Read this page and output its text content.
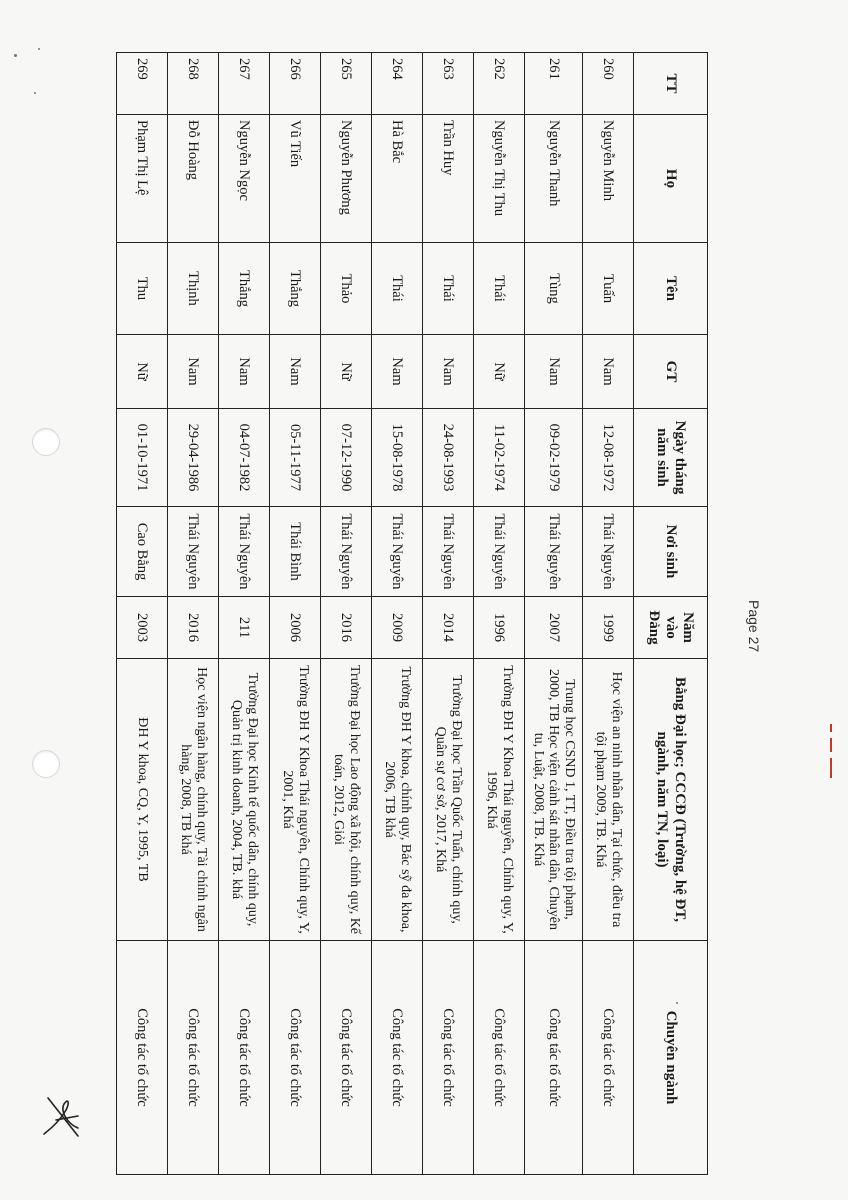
TT	Họ	Tên	GT	Ngày tháng năm sinh	Nơi sinh	Năm vào Đảng	Bằng Đại học; CCCĐ (Trường, hệ ĐT, ngành, năm TN, loại)	Chuyên ngành
260	Nguyễn Minh	Tuấn	Nam	12-08-1972	Thái Nguyên	1999	Học viện an ninh nhân dân, Tại chức, điều tra tội phạm 2009, TB. Khá	Công tác tổ chức
261	Nguyễn Thanh	Tùng	Nam	09-02-1979	Thái Nguyên	2007	Trung học CSND 1, TT, Điều tra tội phạm, 2000, TB Học viện cảnh sát nhân dân, Chuyên tu, Luật, 2008, TB. Khá	Công tác tổ chức
262	Nguyễn Thị Thu	Thái	Nữ	11-02-1974	Thái Nguyên	1996	Trường ĐH Y Khoa Thái nguyên, Chính quy, Y, 1996, Khá	Công tác tổ chức
263	Trần Huy	Thái	Nam	24-08-1993	Thái Nguyên	2014	Trường Đại học Trần Quốc Tuấn, chính quy, Quân sự cơ sở, 2017, Khá	Công tác tổ chức
264	Hà Bắc	Thái	Nam	15-08-1978	Thái Nguyên	2009	Trường ĐH Y khoa, chính quy, Bác sỹ đa khoa, 2006, TB khá	Công tác tổ chức
265	Nguyễn Phương	Thảo	Nữ	07-12-1990	Thái Nguyên	2016	Trường Đại học Lao động xã hội, chính quy, Kế toán, 2012, Giỏi	Công tác tổ chức
266	Vũ Tiến	Thắng	Nam	05-11-1977	Thái Bình	2006	Trường ĐH Y Khoa Thái nguyên, Chính quy, Y, 2001, Khá	Công tác tổ chức
267	Nguyễn Ngọc	Thắng	Nam	04-07-1982	Thái Nguyên	211	Trường Đại học Kinh tế quốc dân, chính quy, Quản trị kinh doanh, 2004, TB. khá	Công tác tổ chức
268	Đỗ Hoàng	Thịnh	Nam	29-04-1986	Thái Nguyên	2016	Học viện ngân hàng, chính quy, Tài chính ngân hàng, 2008, TB khá	Công tác tổ chức
269	Phạm Thị Lệ	Thu	Nữ	01-10-1971	Cao Bằng	2003	ĐH Y khoa, CQ, Y, 1995, TB	Công tác tổ chức
Page 27
